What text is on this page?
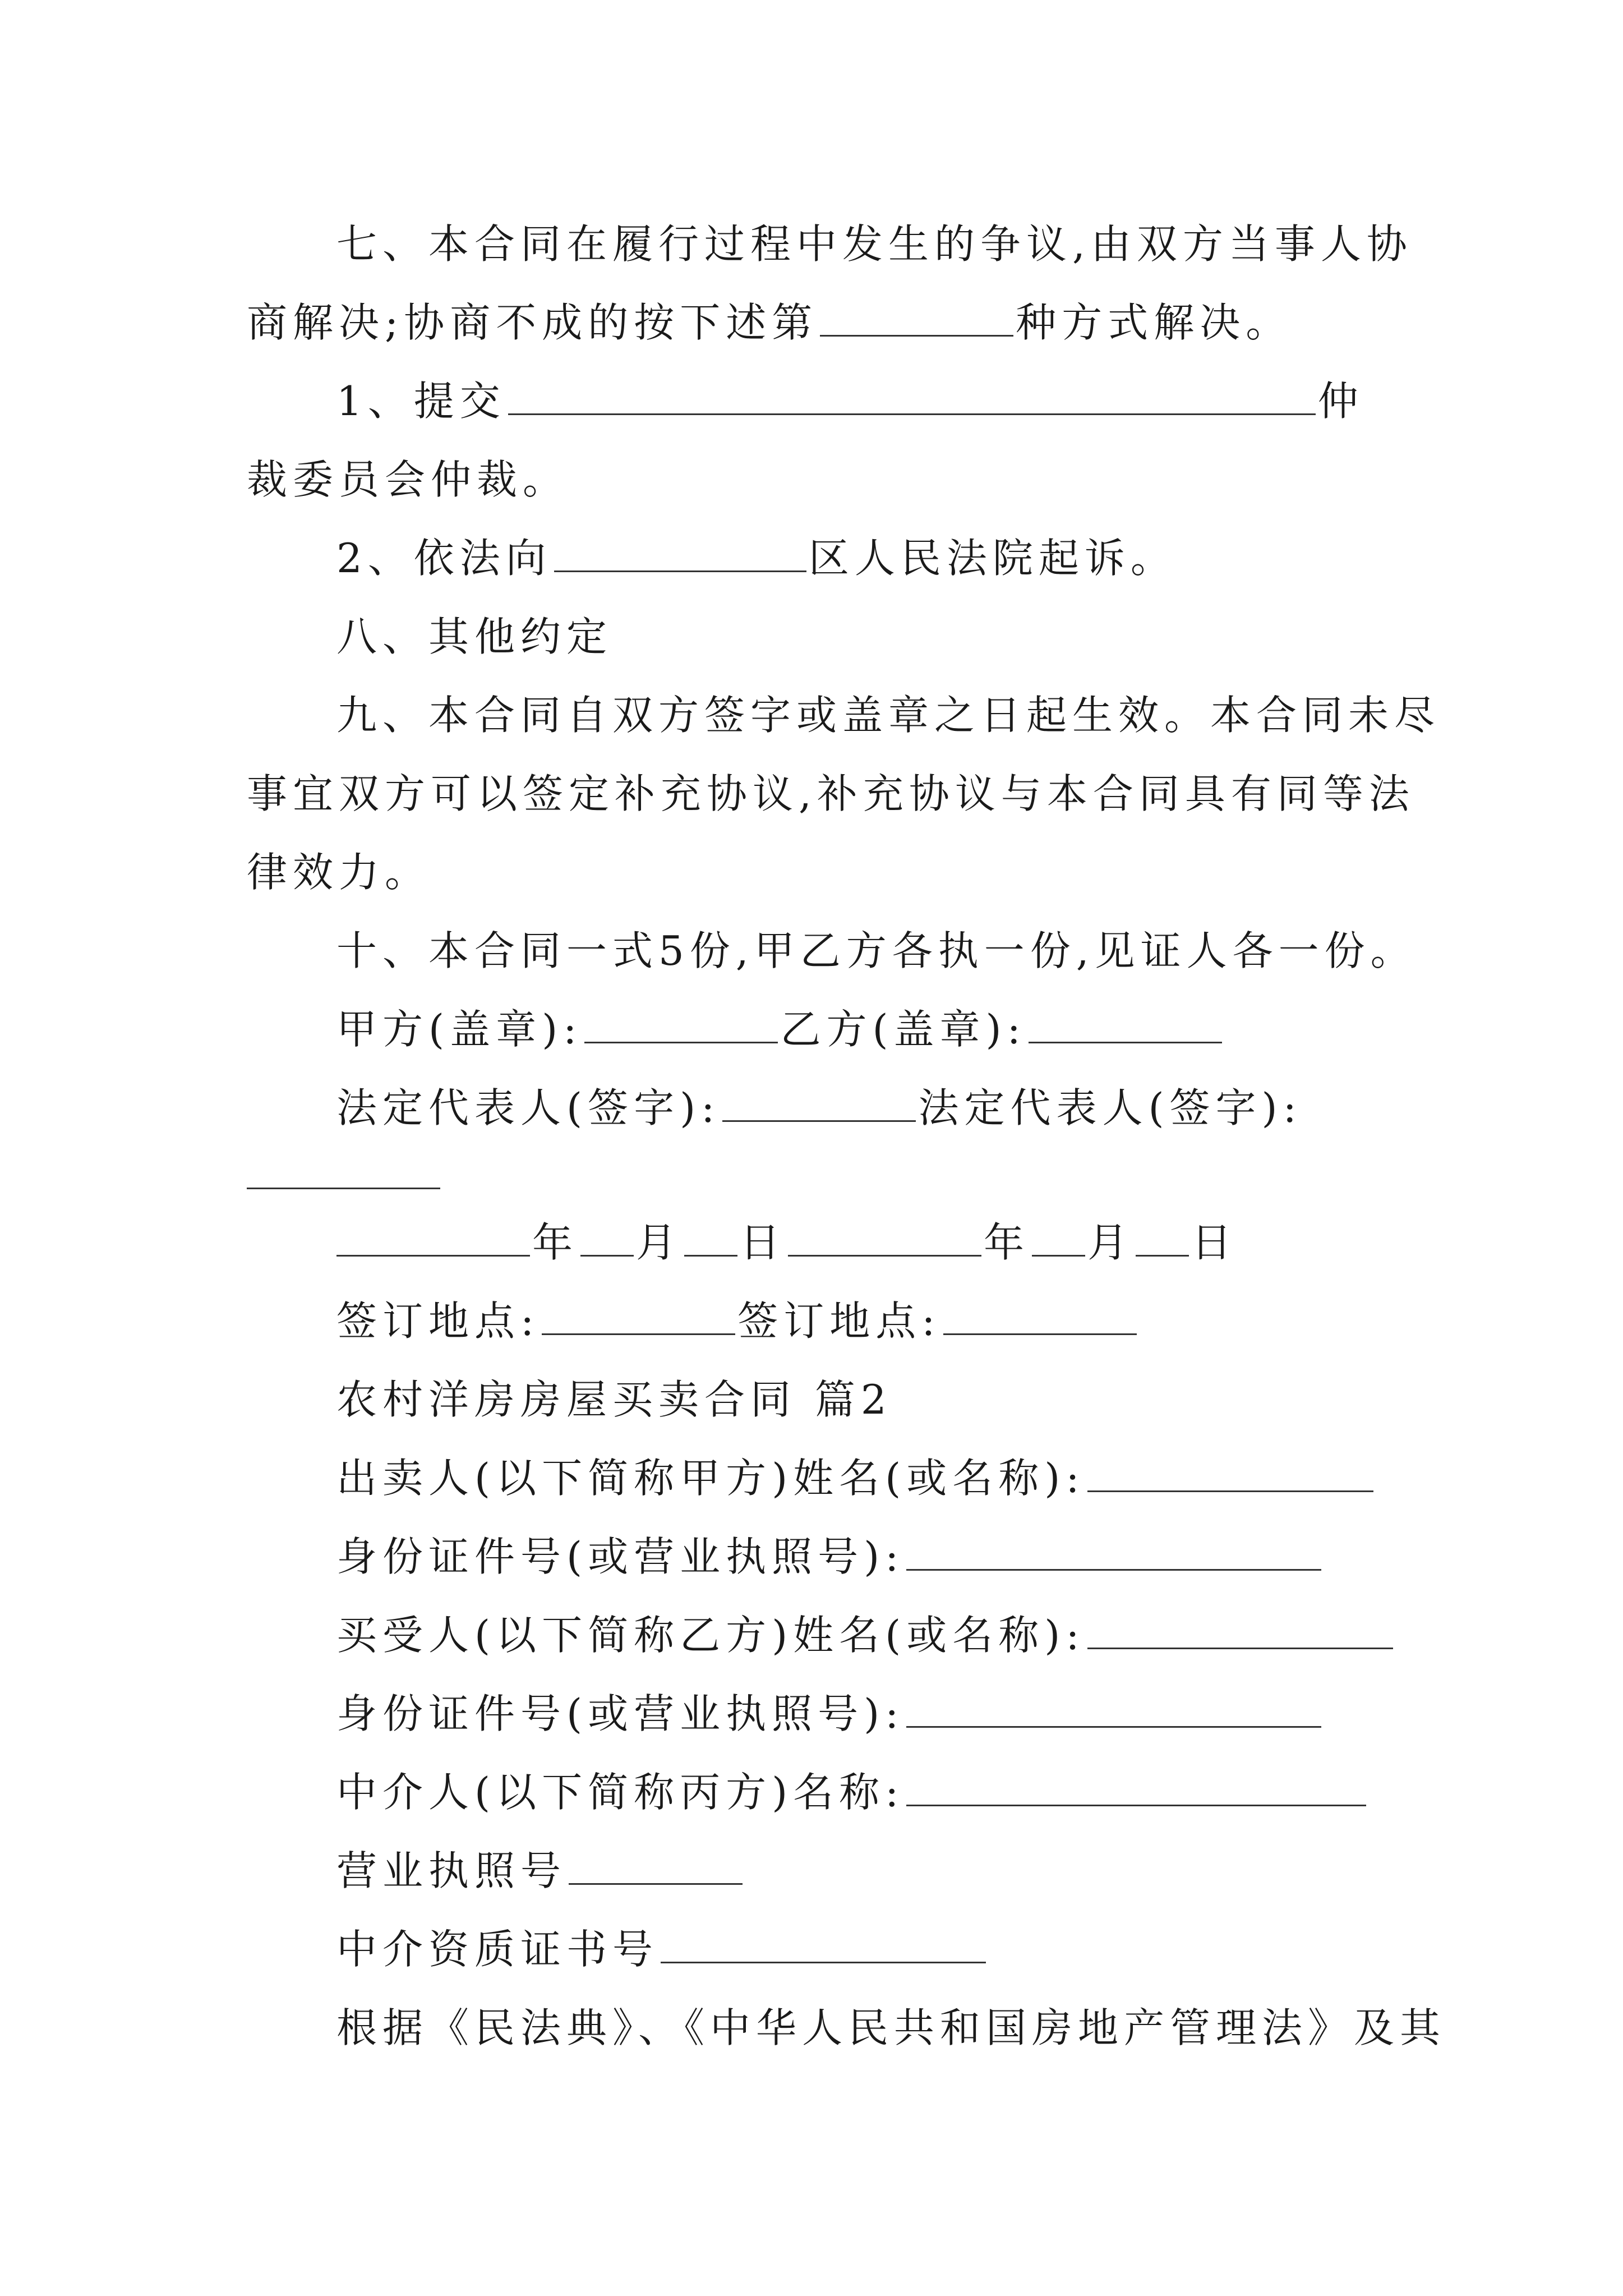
七、本合同在履行过程中发生的争议,由双方当事人协
商解决;协商不成的按下述第	种方式解决。
1、提交	仲
裁委员会仲裁。
2、依法向	区人民法院起诉。
八、其他约定
九、本合同自双方签字或盖章之日起生效。本合同未尽
事宜双方可以签定补充协议,补充协议与本合同具有同等法
律效力。
十、本合同一式5份,甲乙方各执一份,见证人各一份。
甲方(盖章):	乙方(盖章):
法定代表人(签字):	法定代表人(签字):
年 月 日	年 月 日
签订地点:	签订地点:
农村洋房房屋买卖合同 篇2
出卖人(以下简称甲方)姓名(或名称):
身份证件号(或营业执照号):
买受人(以下简称乙方)姓名(或名称):
身份证件号(或营业执照号):
中介人(以下简称丙方)名称:
营业执照号
中介资质证书号
根据《民法典》、《中华人民共和国房地产管理法》及其
